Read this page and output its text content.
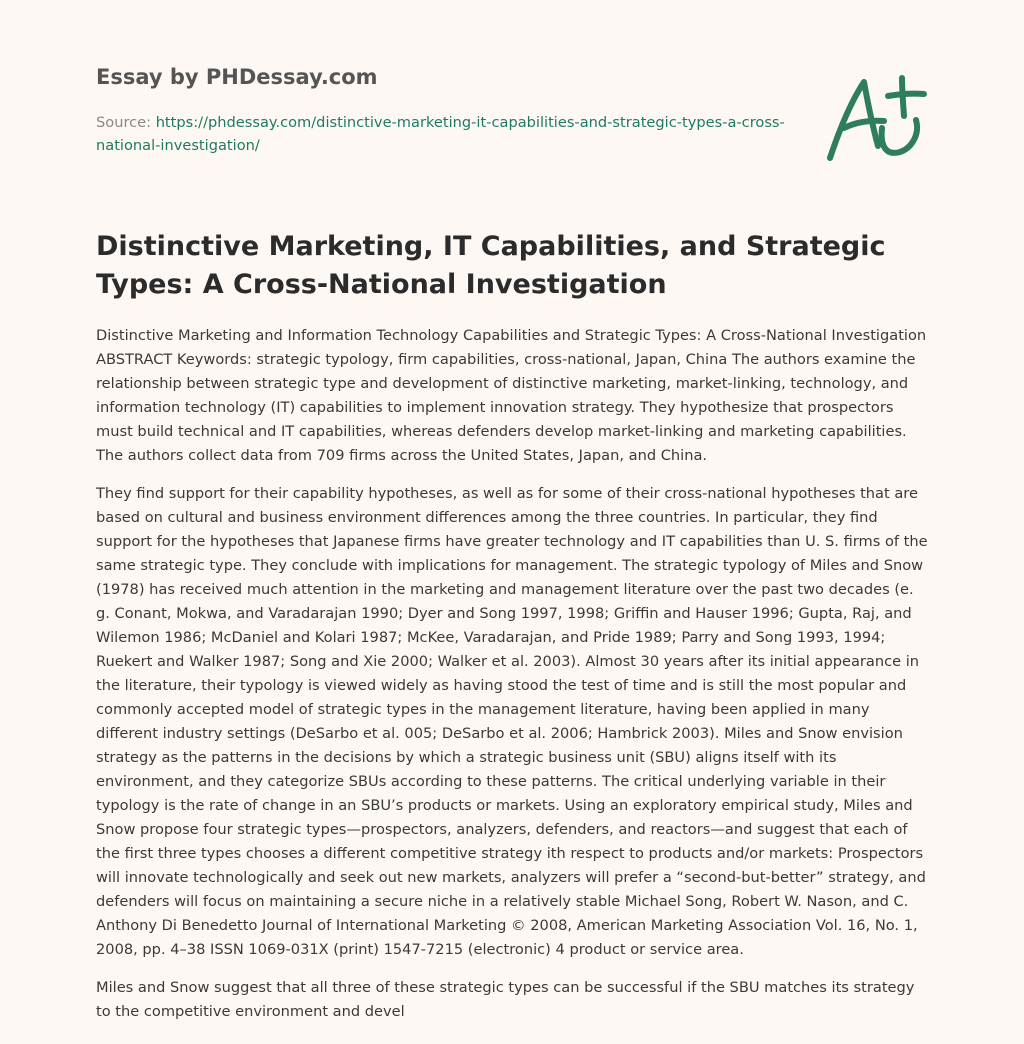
Essay by PHDessay.com
Source: https://phdessay.com/distinctive-marketing-it-capabilities-and-strategic-types-a-cross-national-investigation/
Distinctive Marketing, IT Capabilities, and Strategic Types: A Cross-National Investigation

Distinctive Marketing and Information Technology Capabilities and Strategic Types: A Cross-National Investigation ABSTRACT Keywords: strategic typology, firm capabilities, cross-national, Japan, China The authors examine the relationship between strategic type and development of distinctive marketing, market-linking, technology, and information technology (IT) capabilities to implement innovation strategy. They hypothesize that prospectors must build technical and IT capabilities, whereas defenders develop market-linking and marketing capabilities. The authors collect data from 709 firms across the United States, Japan, and China.

They find support for their capability hypotheses, as well as for some of their cross-national hypotheses that are based on cultural and business environment differences among the three countries. In particular, they find support for the hypotheses that Japanese firms have greater technology and IT capabilities than U. S. firms of the same strategic type. They conclude with implications for management. The strategic typology of Miles and Snow (1978) has received much attention in the marketing and management literature over the past two decades (e. g. Conant, Mokwa, and Varadarajan 1990; Dyer and Song 1997, 1998; Griffin and Hauser 1996; Gupta, Raj, and Wilemon 1986; McDaniel and Kolari 1987; McKee, Varadarajan, and Pride 1989; Parry and Song 1993, 1994; Ruekert and Walker 1987; Song and Xie 2000; Walker et al. 2003). Almost 30 years after its initial appearance in the literature, their typology is viewed widely as having stood the test of time and is still the most popular and commonly accepted model of strategic types in the management literature, having been applied in many different industry settings (DeSarbo et al. 005; DeSarbo et al. 2006; Hambrick 2003). Miles and Snow envision strategy as the patterns in the decisions by which a strategic business unit (SBU) aligns itself with its environment, and they categorize SBUs according to these patterns. The critical underlying variable in their typology is the rate of change in an SBU’s products or markets. Using an exploratory empirical study, Miles and Snow propose four strategic types—prospectors, analyzers, defenders, and reactors—and suggest that each of the first three types chooses a different competitive strategy ith respect to products and/or markets: Prospectors will innovate technologically and seek out new markets, analyzers will prefer a “second-but-better” strategy, and defenders will focus on maintaining a secure niche in a relatively stable Michael Song, Robert W. Nason, and C. Anthony Di Benedetto Journal of International Marketing © 2008, American Marketing Association Vol. 16, No. 1, 2008, pp. 4–38 ISSN 1069-031X (print) 1547-7215 (electronic) 4 product or service area.

Miles and Snow suggest that all three of these strategic types can be successful if the SBU matches its strategy to the competitive environment and devel
